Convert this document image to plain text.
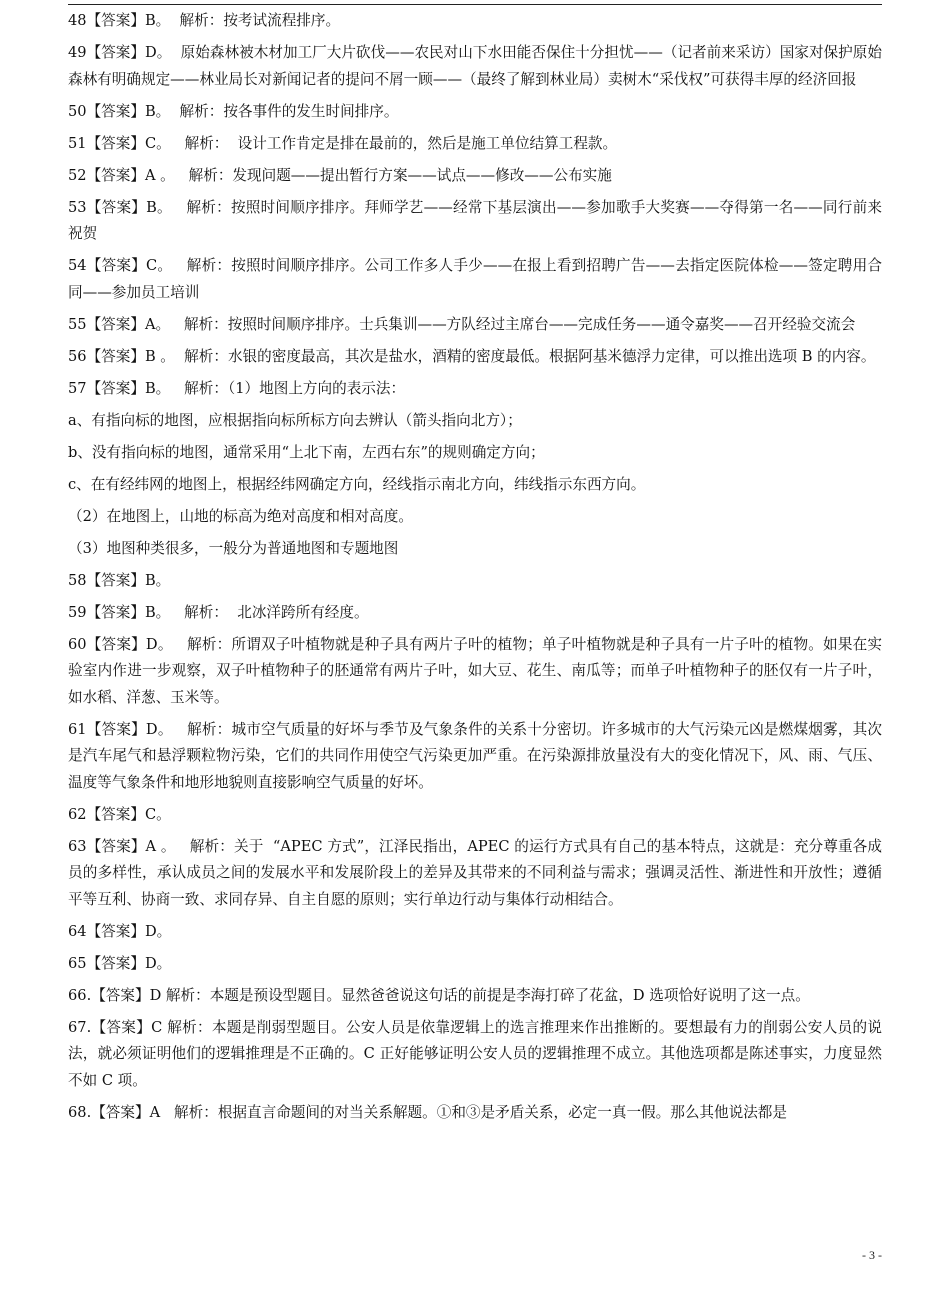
48【答案】B。  解析：按考试流程排序。

49【答案】D。  原始森林被木材加工厂大片砍伐——农民对山下水田能否保住十分担忧——（记者前来采访）国家对保护原始森林有明确规定——林业局长对新闻记者的提问不屑一顾——（最终了解到林业局）卖树木“采伐权”可获得丰厚的经济回报

50【答案】B。  解析：按各事件的发生时间排序。

51【答案】C。   解析：  设计工作肯定是排在最前的，然后是施工单位结算工程款。

52【答案】A 。   解析：发现问题——提出暂行方案——试点——修改——公布实施

53【答案】B。   解析：按照时间顺序排序。拜师学艺——经常下基层演出——参加歌手大奖赛——夺得第一名——同行前来祝贺

54【答案】C。   解析：按照时间顺序排序。公司工作多人手少——在报上看到招聘广告——去指定医院体检——签定聘用合同——参加员工培训

55【答案】A。   解析：按照时间顺序排序。士兵集训——方队经过主席台——完成任务——通令嘉奖——召开经验交流会

56【答案】B 。  解析：水银的密度最高，其次是盐水，酒精的密度最低。根据阿基米德浮力定律，可以推出选项 B 的内容。

57【答案】B。   解析：（1）地图上方向的表示法：

a、有指向标的地图，应根据指向标所标方向去辨认（箭头指向北方）；

b、没有指向标的地图，通常采用“上北下南，左西右东”的规则确定方向；

c、在有经纬网的地图上，根据经纬网确定方向，经线指示南北方向，纬线指示东西方向。

（2）在地图上，山地的标高为绝对高度和相对高度。

（3）地图种类很多，一般分为普通地图和专题地图

58【答案】B。

59【答案】B。   解析：  北冰洋跨所有经度。

60【答案】D。   解析：所谓双子叶植物就是种子具有两片子叶的植物；单子叶植物就是种子具有一片子叶的植物。如果在实验室内作进一步观察，双子叶植物种子的胚通常有两片子叶，如大豆、花生、南瓜等；而单子叶植物种子的胚仅有一片子叶，如水稻、洋葱、玉米等。

61【答案】D。   解析：城市空气质量的好坏与季节及气象条件的关系十分密切。许多城市的大气污染元凶是燃煤烟雾，其次是汽车尾气和悬浮颗粒物污染，它们的共同作用使空气污染更加严重。在污染源排放量没有大的变化情况下，风、雨、气压、温度等气象条件和地形地貌则直接影响空气质量的好坏。

62【答案】C。

63【答案】A 。   解析：关于  “APEC 方式”，江泽民指出，APEC 的运行方式具有自己的基本特点，这就是：充分尊重各成员的多样性，承认成员之间的发展水平和发展阶段上的差异及其带来的不同利益与需求；强调灵活性、渐进性和开放性；遵循平等互利、协商一致、求同存异、自主自愿的原则；实行单边行动与集体行动相结合。

64【答案】D。

65【答案】D。

66.【答案】D 解析：本题是预设型题目。显然爸爸说这句话的前提是李海打碎了花盆，D 选项恰好说明了这一点。

67.【答案】C 解析：本题是削弱型题目。公安人员是依靠逻辑上的选言推理来作出推断的。要想最有力的削弱公安人员的说法，就必须证明他们的逻辑推理是不正确的。C 正好能够证明公安人员的逻辑推理不成立。其他选项都是陈述事实，力度显然不如 C 项。

68.【答案】A   解析：根据直言命题间的对当关系解题。①和③是矛盾关系，必定一真一假。那么其他说法都是

- 3 -
